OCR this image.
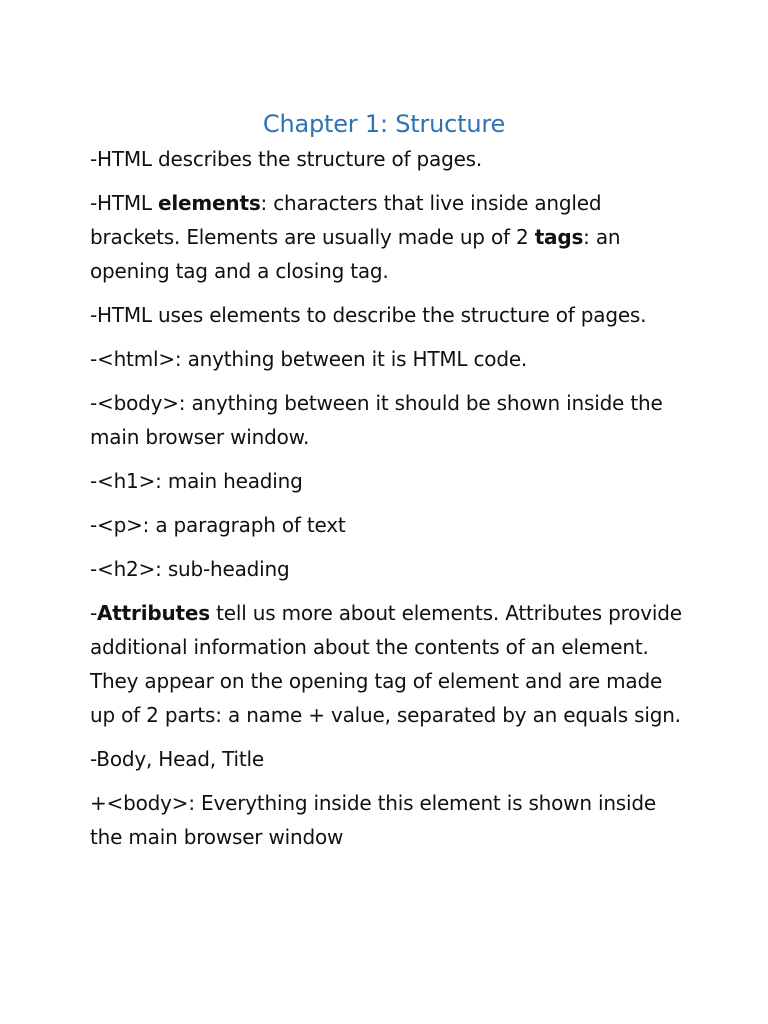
Chapter 1: Structure
-HTML describes the structure of pages.
-HTML elements: characters that live inside angled brackets. Elements are usually made up of 2 tags: an opening tag and a closing tag.
-HTML uses elements to describe the structure of pages.
-<html>: anything between it is HTML code.
-<body>: anything between it should be shown inside the main browser window.
-<h1>: main heading
-<p>: a paragraph of text
-<h2>: sub-heading
-Attributes tell us more about elements. Attributes provide additional information about the contents of an element. They appear on the opening tag of element and are made up of 2 parts: a name + value, separated by an equals sign.
-Body, Head, Title
+<body>: Everything inside this element is shown inside the main browser window
